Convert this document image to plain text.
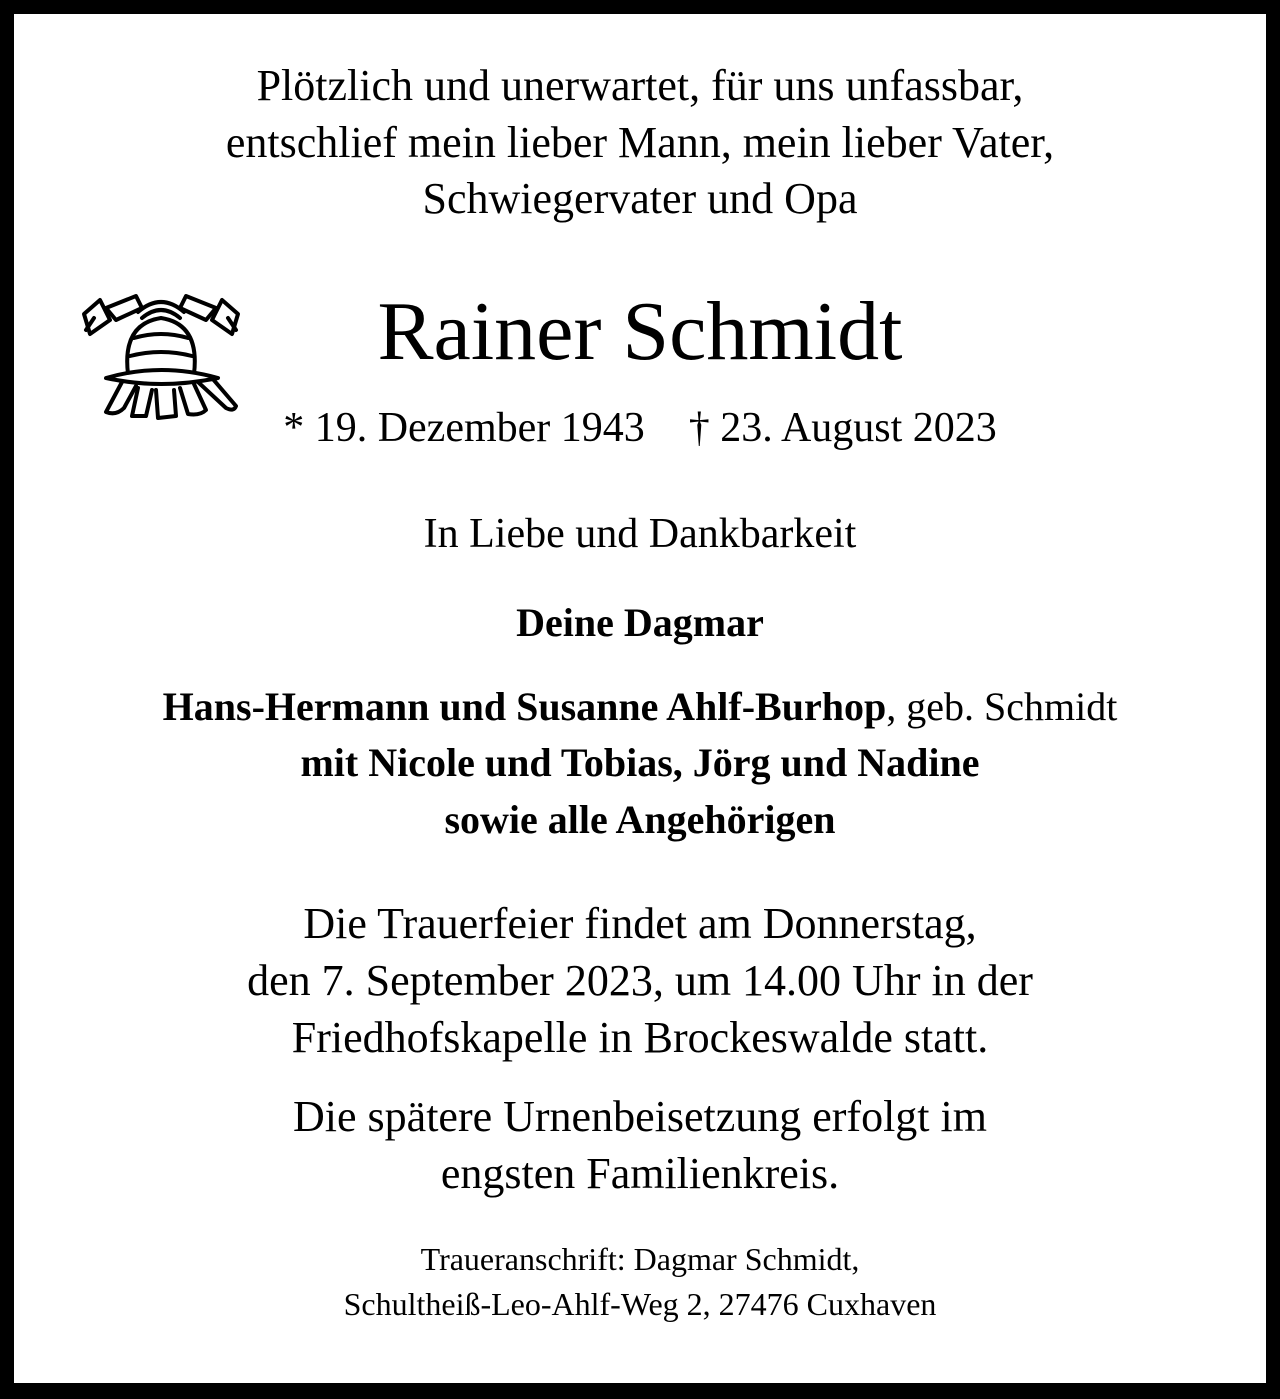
Plötzlich und unerwartet, für uns unfassbar,
entschlief mein lieber Mann, mein lieber Vater,
Schwiegervater und Opa
Rainer Schmidt
* 19. Dezember 1943 † 23. August 2023
In Liebe und Dankbarkeit
Deine Dagmar
Hans-Hermann und Susanne Ahlf-Burhop, geb. Schmidt
mit Nicole und Tobias, Jörg und Nadine
sowie alle Angehörigen
Die Trauerfeier findet am Donnerstag,
den 7. September 2023, um 14.00 Uhr in der
Friedhofskapelle in Brockeswalde statt.
Die spätere Urnenbeisetzung erfolgt im
engsten Familienkreis.
Traueranschrift: Dagmar Schmidt,
Schultheiß-Leo-Ahlf-Weg 2, 27476 Cuxhaven
